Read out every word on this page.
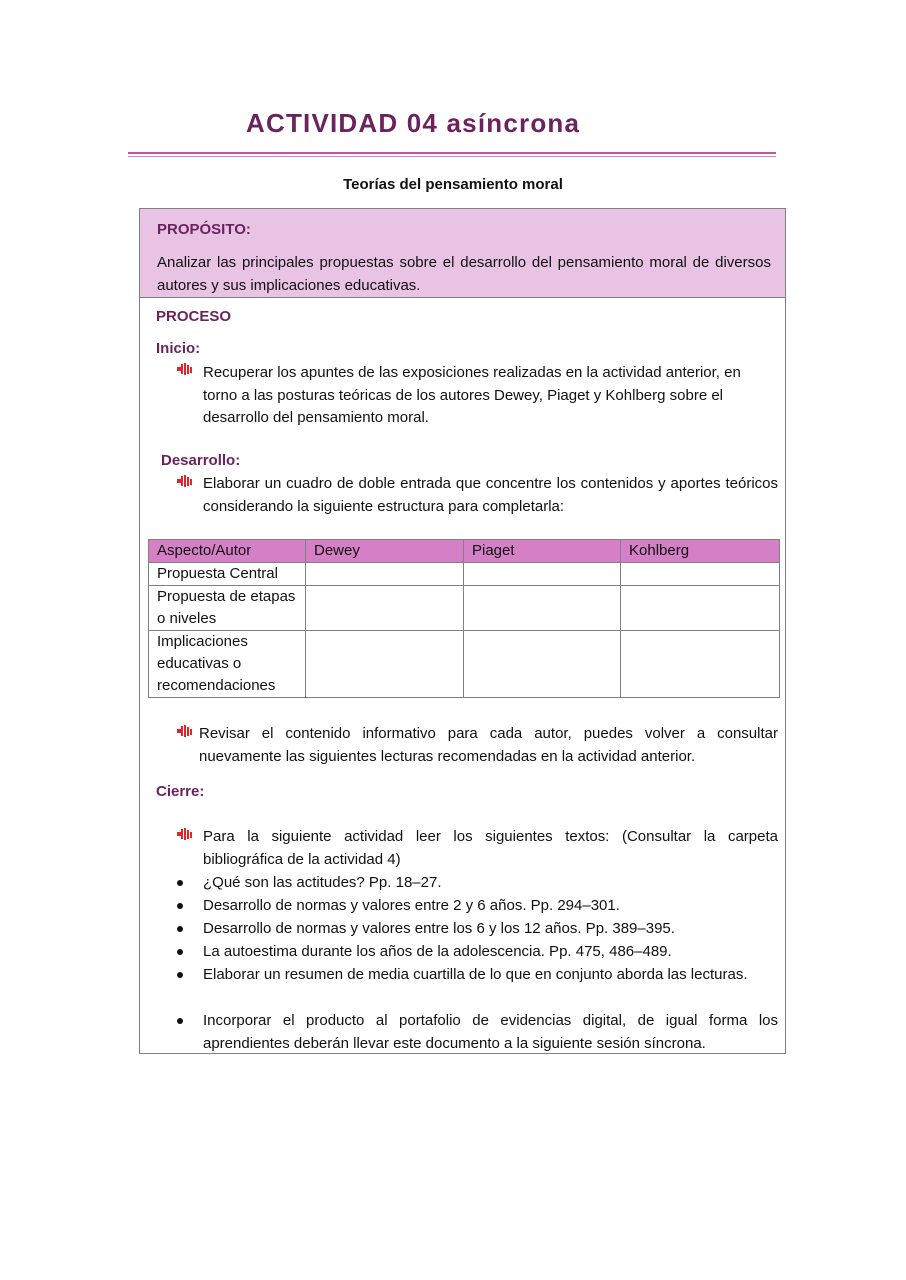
ACTIVIDAD 04 asíncrona
Teorías del pensamiento moral
PROPÓSITO:
Analizar las principales propuestas sobre el desarrollo del pensamiento moral de diversos autores y sus implicaciones educativas.
PROCESO
Inicio:
Recuperar los apuntes de las exposiciones realizadas en la actividad anterior, en torno a las posturas teóricas de los autores Dewey, Piaget y Kohlberg sobre el desarrollo del pensamiento moral.
Desarrollo:
Elaborar un cuadro de doble entrada que concentre los contenidos y aportes teóricos considerando la siguiente estructura para completarla:
Aspecto/Autor	Dewey	Piaget	Kohlberg
Propuesta Central			
Propuesta de etapas o niveles			
Implicaciones educativas o recomendaciones			
Revisar el contenido informativo para cada autor, puedes volver a consultar nuevamente las siguientes lecturas recomendadas en la actividad anterior.
Cierre:
Para la siguiente actividad leer los siguientes textos: (Consultar la carpeta bibliográfica de la actividad 4)
¿Qué son las actitudes? Pp. 18–27.
Desarrollo de normas y valores entre 2 y 6 años. Pp. 294–301.
Desarrollo de normas y valores entre los 6 y los 12 años. Pp. 389–395.
La autoestima durante los años de la adolescencia. Pp. 475, 486–489.
Elaborar un resumen de media cuartilla de lo que en conjunto aborda las lecturas.
Incorporar el producto al portafolio de evidencias digital, de igual forma los aprendientes deberán llevar este documento a la siguiente sesión síncrona.
